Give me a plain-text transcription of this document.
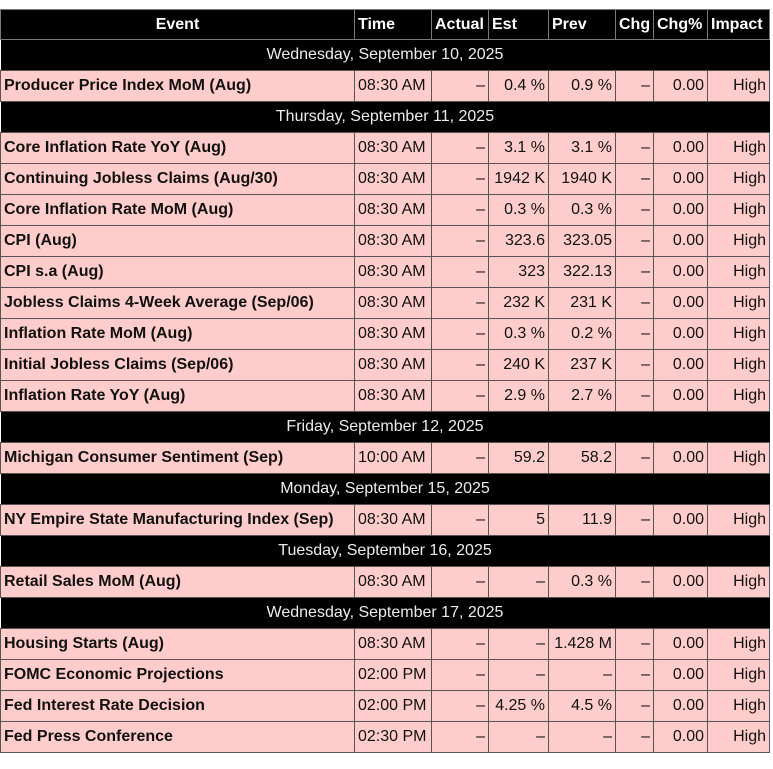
Event	Time	Actual	Est	Prev	Chg	Chg%	Impact
Wednesday, September 10, 2025							
Producer Price Index MoM (Aug)	08:30 AM	–	0.4 %	0.9 %	–	0.00	High
Thursday, September 11, 2025							
Core Inflation Rate YoY (Aug)	08:30 AM	–	3.1 %	3.1 %	–	0.00	High
Continuing Jobless Claims (Aug/30)	08:30 AM	–	1942 K	1940 K	–	0.00	High
Core Inflation Rate MoM (Aug)	08:30 AM	–	0.3 %	0.3 %	–	0.00	High
CPI (Aug)	08:30 AM	–	323.6	323.05	–	0.00	High
CPI s.a (Aug)	08:30 AM	–	323	322.13	–	0.00	High
Jobless Claims 4-Week Average (Sep/06)	08:30 AM	–	232 K	231 K	–	0.00	High
Inflation Rate MoM (Aug)	08:30 AM	–	0.3 %	0.2 %	–	0.00	High
Initial Jobless Claims (Sep/06)	08:30 AM	–	240 K	237 K	–	0.00	High
Inflation Rate YoY (Aug)	08:30 AM	–	2.9 %	2.7 %	–	0.00	High
Friday, September 12, 2025							
Michigan Consumer Sentiment (Sep)	10:00 AM	–	59.2	58.2	–	0.00	High
Monday, September 15, 2025							
NY Empire State Manufacturing Index (Sep)	08:30 AM	–	5	11.9	–	0.00	High
Tuesday, September 16, 2025							
Retail Sales MoM (Aug)	08:30 AM	–	–	0.3 %	–	0.00	High
Wednesday, September 17, 2025							
Housing Starts (Aug)	08:30 AM	–	–	1.428 M	–	0.00	High
FOMC Economic Projections	02:00 PM	–	–	–	–	0.00	High
Fed Interest Rate Decision	02:00 PM	–	4.25 %	4.5 %	–	0.00	High
Fed Press Conference	02:30 PM	–	–	–	–	0.00	High
